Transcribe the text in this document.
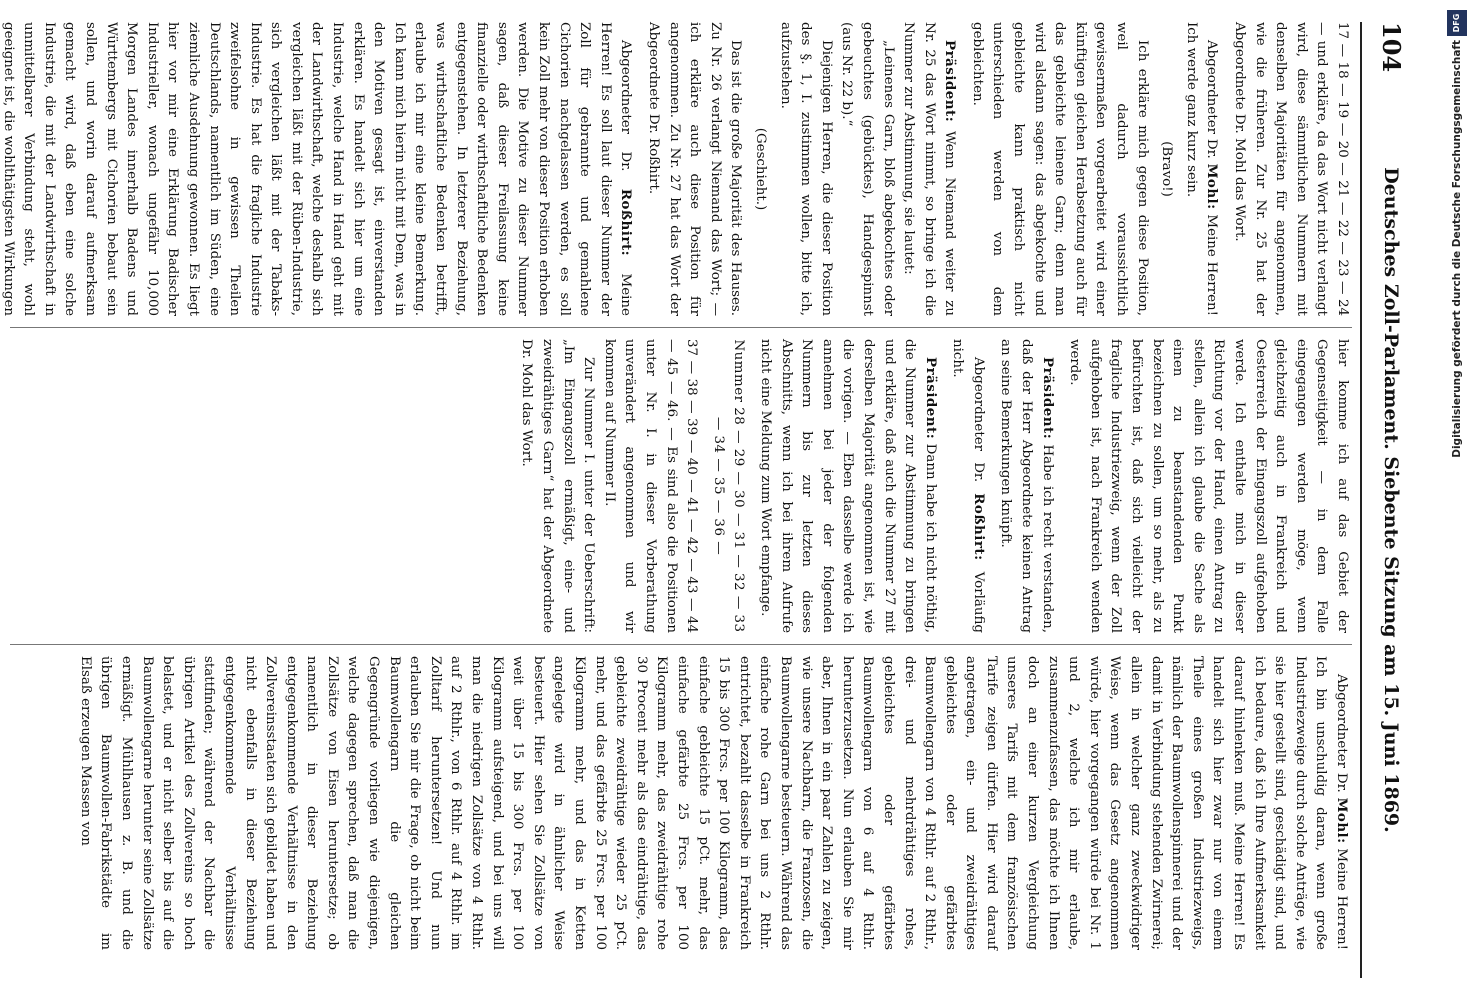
104
Deutsches Zoll-Parlament. Siebente Sitzung am 15. Juni 1869.

17 — 18 — 19 — 20 — 21 — 22 — 23 — 24 — und erkläre, da das Wort nicht verlangt wird, diese sämmtlichen Nummern mit denselben Majoritäten für angenommen, wie die früheren. Zur Nr. 25 hat der Abgeordnete Dr. Mohl das Wort.

Abgeordneter Dr. Mohl: Meine Herren! Ich werde ganz kurz sein.

(Bravo!)

Ich erkläre mich gegen diese Position, weil dadurch voraussichtlich gewissermaßen vorgearbeitet wird einer künftigen gleichen Herabsetzung auch für das gebleichte leinene Garn; denn man wird alsdann sagen: das abgekochte und gebleichte kann praktisch nicht unterschieden werden von dem gebleichten.

Präsident: Wenn Niemand weiter zu Nr. 25 das Wort nimmt, so bringe ich die Nummer zur Abstimmung, sie lautet:

„Leinenes Garn, bloß abgekochtes oder gebeuchtes (gebücktes), Handgespinnst (aus Nr. 22 b).“

Diejenigen Herren, die dieser Position des §. 1, I. zustimmen wollen, bitte ich, aufzustehen.

(Geschieht.)

Das ist die große Majorität des Hauses. Zu Nr. 26 verlangt Niemand das Wort; — ich erkläre auch diese Position für angenommen. Zu Nr. 27 hat das Wort der Abgeordnete Dr. Roßhirt.

Abgeordneter Dr. Roßhirt: Meine Herren! Es soll laut dieser Nummer der Zoll für gebrannte und gemahlene Cichorien nachgelassen werden, es soll kein Zoll mehr von dieser Position erhoben werden. Die Motive zu dieser Nummer sagen, daß dieser Freilassung keine finanzielle oder wirthschaftliche Bedenken entgegenstehen. In letzterer Beziehung, was wirthschaftliche Bedenken betrifft, erlaube ich mir eine kleine Bemerkung. Ich kann mich hierin nicht mit Dem, was in den Motiven gesagt ist, einverstanden erklären. Es handelt sich hier um eine Industrie, welche Hand in Hand geht mit der Landwirthschaft, welche deshalb sich vergleichen läßt mit der Rüben-Industrie, sich vergleichen läßt mit der Tabaks-Industrie. Es hat die fragliche Industrie zweifelsohne in gewissen Theilen Deutschlands, namentlich im Süden, eine ziemliche Ausdehnung gewonnen. Es liegt hier vor mir eine Erklärung Badischer Industrieller, wonach ungefähr 10,000 Morgen Landes innerhalb Badens und Württembergs mit Cichorien bebaut sein sollen, und worin darauf aufmerksam gemacht wird, daß eben eine solche Industrie, die mit der Landwirthschaft in unmittelbarer Verbindung steht, wohl geeignet ist, die wohlthätigsten Wirkungen

hier komme ich auf das Gebiet der Gegenseitigkeit — in dem Falle eingegangen werden möge, wenn gleichzeitig auch in Frankreich und Oesterreich der Eingangszoll aufgehoben werde. Ich enthalte mich in dieser Richtung vor der Hand, einen Antrag zu stellen, allein ich glaube die Sache als einen zu beanstandenden Punkt bezeichnen zu sollen, um so mehr, als zu befürchten ist, daß sich vielleicht der fragliche Industriezweig, wenn der Zoll aufgehoben ist, nach Frankreich wenden werde.

Präsident: Habe ich recht verstanden, daß der Herr Abgeordnete keinen Antrag an seine Bemerkungen knüpft.

Abgeordneter Dr. Roßhirt: Vorläufig nicht.

Präsident: Dann habe ich nicht nöthig, die Nummer zur Abstimmung zu bringen und erkläre, daß auch die Nummer 27 mit derselben Majorität angenommen ist, wie die vorigen. — Eben dasselbe werde ich annehmen bei jeder der folgenden Nummern bis zur letzten dieses Abschnitts, wenn ich bei ihrem Aufrufe nicht eine Meldung zum Wort empfange.

Nummer 28 — 29 — 30 — 31 — 32 — 33 — 34 — 35 — 36 —

37 — 38 — 39 — 40 — 41 — 42 — 43 — 44 — 45 — 46. — Es sind also die Positionen unter Nr. I. in dieser Vorberathung unverändert angenommen und wir kommen auf Nummer II.

Zur Nummer I. unter der Ueberschrift: „Im Eingangszoll ermäßigt, eine- und zweidrähtiges Garn“ hat der Abgeordnete Dr. Mohl das Wort.

Abgeordneter Dr. Mohl: Meine Herren! Ich bin unschuldig daran, wenn große Industriezweige durch solche Anträge, wie sie hier gestellt sind, geschädigt sind, und ich bedaure, daß ich Ihre Aufmerksamkeit darauf hinlenken muß. Meine Herren! Es handelt sich hier zwar nur von einem Theile eines großen Industriezweigs, nämlich der Baumwollenspinnerei und der damit in Verbindung stehenden Zwirnerei; allein in welcher ganz zweckwidriger Weise, wenn das Gesetz angenommen würde, hier vorgegangen würde bei Nr. 1 und 2, welche ich mir erlaube, zusammenzufassen, das möchte ich Ihnen doch an einer kurzen Vergleichung unseres Tarifs mit dem französischen Tarife zeigen dürfen. Hier wird darauf angetragen, ein- und zweidrähtiges gebleichtes oder gefärbtes Baumwollengarn von 4 Rthlr. auf 2 Rthlr., drei- und mehrdrähtiges rohes, gebleichtes oder gefärbtes Baumwollengarn von 6 auf 4 Rthlr. herunterzusetzen. Nun erlauben Sie mir aber, Ihnen in ein paar Zahlen zu zeigen, wie unsere Nachbarn, die Franzosen, die Baumwollengarne besteuern. Während das einfache rohe Garn bei uns 2 Rthlr. entrichtet, bezahlt dasselbe in Frankreich 15 bis 300 Frcs. per 100 Kilogramm, das einfache gebleichte 15 pCt. mehr, das einfache gefärbte 25 Frcs. per 100 Kilogramm mehr, das zweidrähtige rohe 30 Procent mehr als das eindrähtige, das gebleichte zweidrähtige wieder 25 pCt. mehr, und das gefärbte 25 Frcs. per 100 Kilogramm mehr, und das in Ketten angelegte wird in ähnlicher Weise besteuert. Hier sehen Sie Zollsätze von weit über 15 bis 300 Frcs. per 100 Kilogramm aufsteigend, und bei uns will man die niedrigen Zollsätze von 4 Rthlr. auf 2 Rthlr., von 6 Rthlr. auf 4 Rthlr. im Zolltarif heruntersetzen! Und nun erlauben Sie mir die Frage, ob nicht beim Baumwollengarn die gleichen Gegengründe vorliegen wie diejenigen, welche dagegen sprechen, daß man die Zollsätze von Eisen heruntersetze; ob namentlich in dieser Beziehung entgegenkommende Verhältnisse in den Zollvereinsstaaten sich gebildet haben und nicht ebenfalls in dieser Beziehung entgegenkommende Verhältnisse stattfinden; während der Nachbar die übrigen Artikel des Zollvereins so hoch belastet, und er nicht selber bis auf die Baumwollengarne herunter seine Zollsätze ermäßigt. Mühlhausen z. B. und die übrigen Baumwollen-Fabrikstädte im Elsaß erzeugen Massen von

DFG
Digitalisierung gefördert durch die Deutsche Forschungsgemeinschaft
